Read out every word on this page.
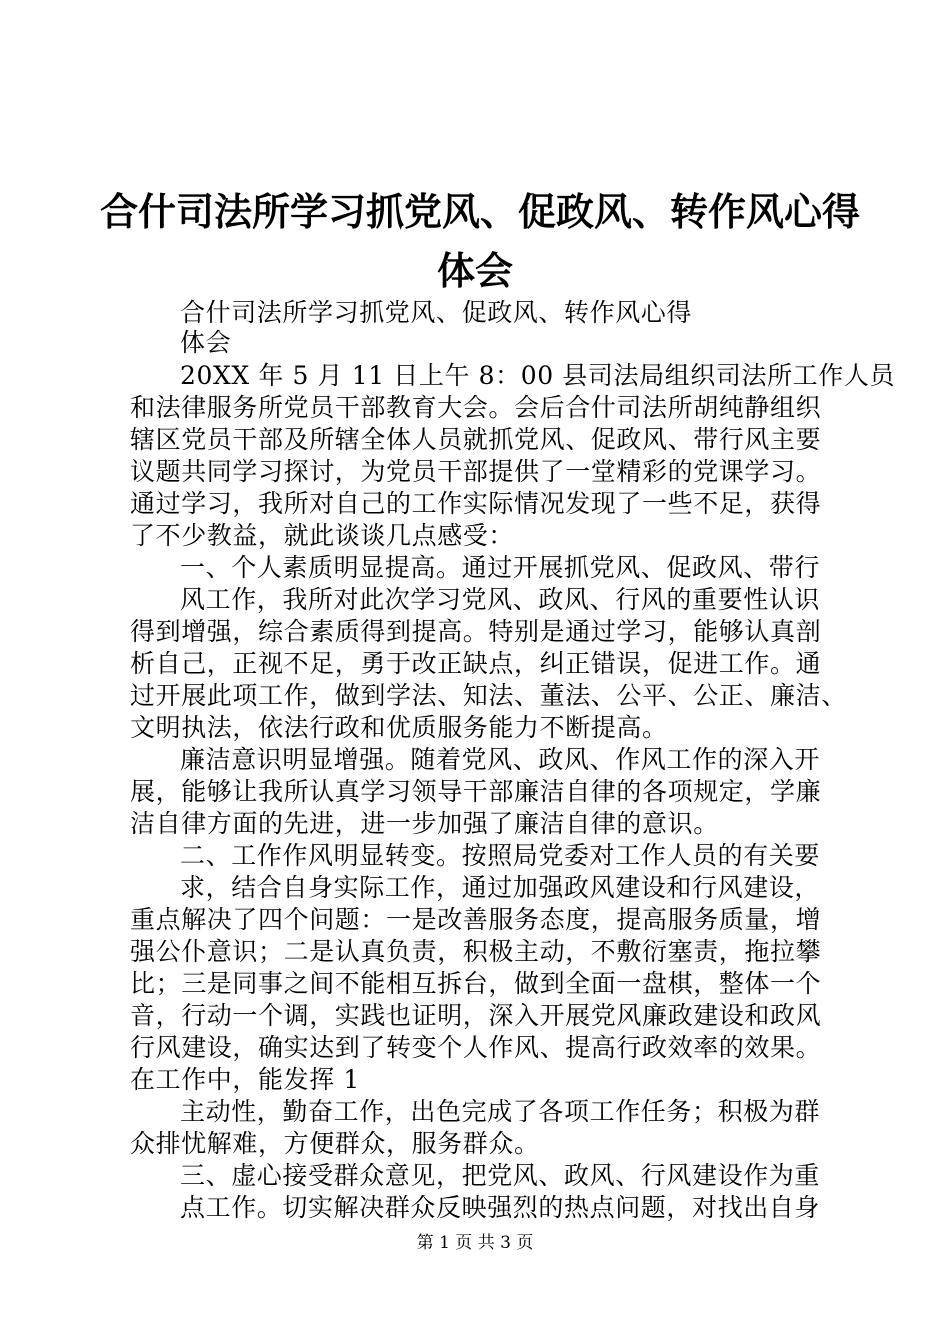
合什司法所学习抓党风、促政风、转作风心得
体会
合什司法所学习抓党风、促政风、转作风心得
体会
20XX 年 5 月 11 日上午 8：00 县司法局组织司法所工作人员
和法律服务所党员干部教育大会。会后合什司法所胡纯静组织
辖区党员干部及所辖全体人员就抓党风、促政风、带行风主要
议题共同学习探讨，为党员干部提供了一堂精彩的党课学习。
通过学习，我所对自己的工作实际情况发现了一些不足，获得
了不少教益，就此谈谈几点感受：
一、个人素质明显提高。通过开展抓党风、促政风、带行
风工作，我所对此次学习党风、政风、行风的重要性认识
得到增强，综合素质得到提高。特别是通过学习，能够认真剖
析自己，正视不足，勇于改正缺点，纠正错误，促进工作。通
过开展此项工作，做到学法、知法、董法、公平、公正、廉洁、
文明执法，依法行政和优质服务能力不断提高。
廉洁意识明显增强。随着党风、政风、作风工作的深入开
展，能够让我所认真学习领导干部廉洁自律的各项规定，学廉
洁自律方面的先进，进一步加强了廉洁自律的意识。
二、工作作风明显转变。按照局党委对工作人员的有关要
求，结合自身实际工作，通过加强政风建设和行风建设，
重点解决了四个问题：一是改善服务态度，提高服务质量，增
强公仆意识；二是认真负责，积极主动，不敷衍塞责，拖拉攀
比；三是同事之间不能相互拆台，做到全面一盘棋，整体一个
音，行动一个调，实践也证明，深入开展党风廉政建设和政风
行风建设，确实达到了转变个人作风、提高行政效率的效果。
在工作中，能发挥 1
主动性，勤奋工作，出色完成了各项工作任务；积极为群
众排忧解难，方便群众，服务群众。
三、虚心接受群众意见，把党风、政风、行风建设作为重
点工作。切实解决群众反映强烈的热点问题，对找出自身
第 1 页 共 3 页
